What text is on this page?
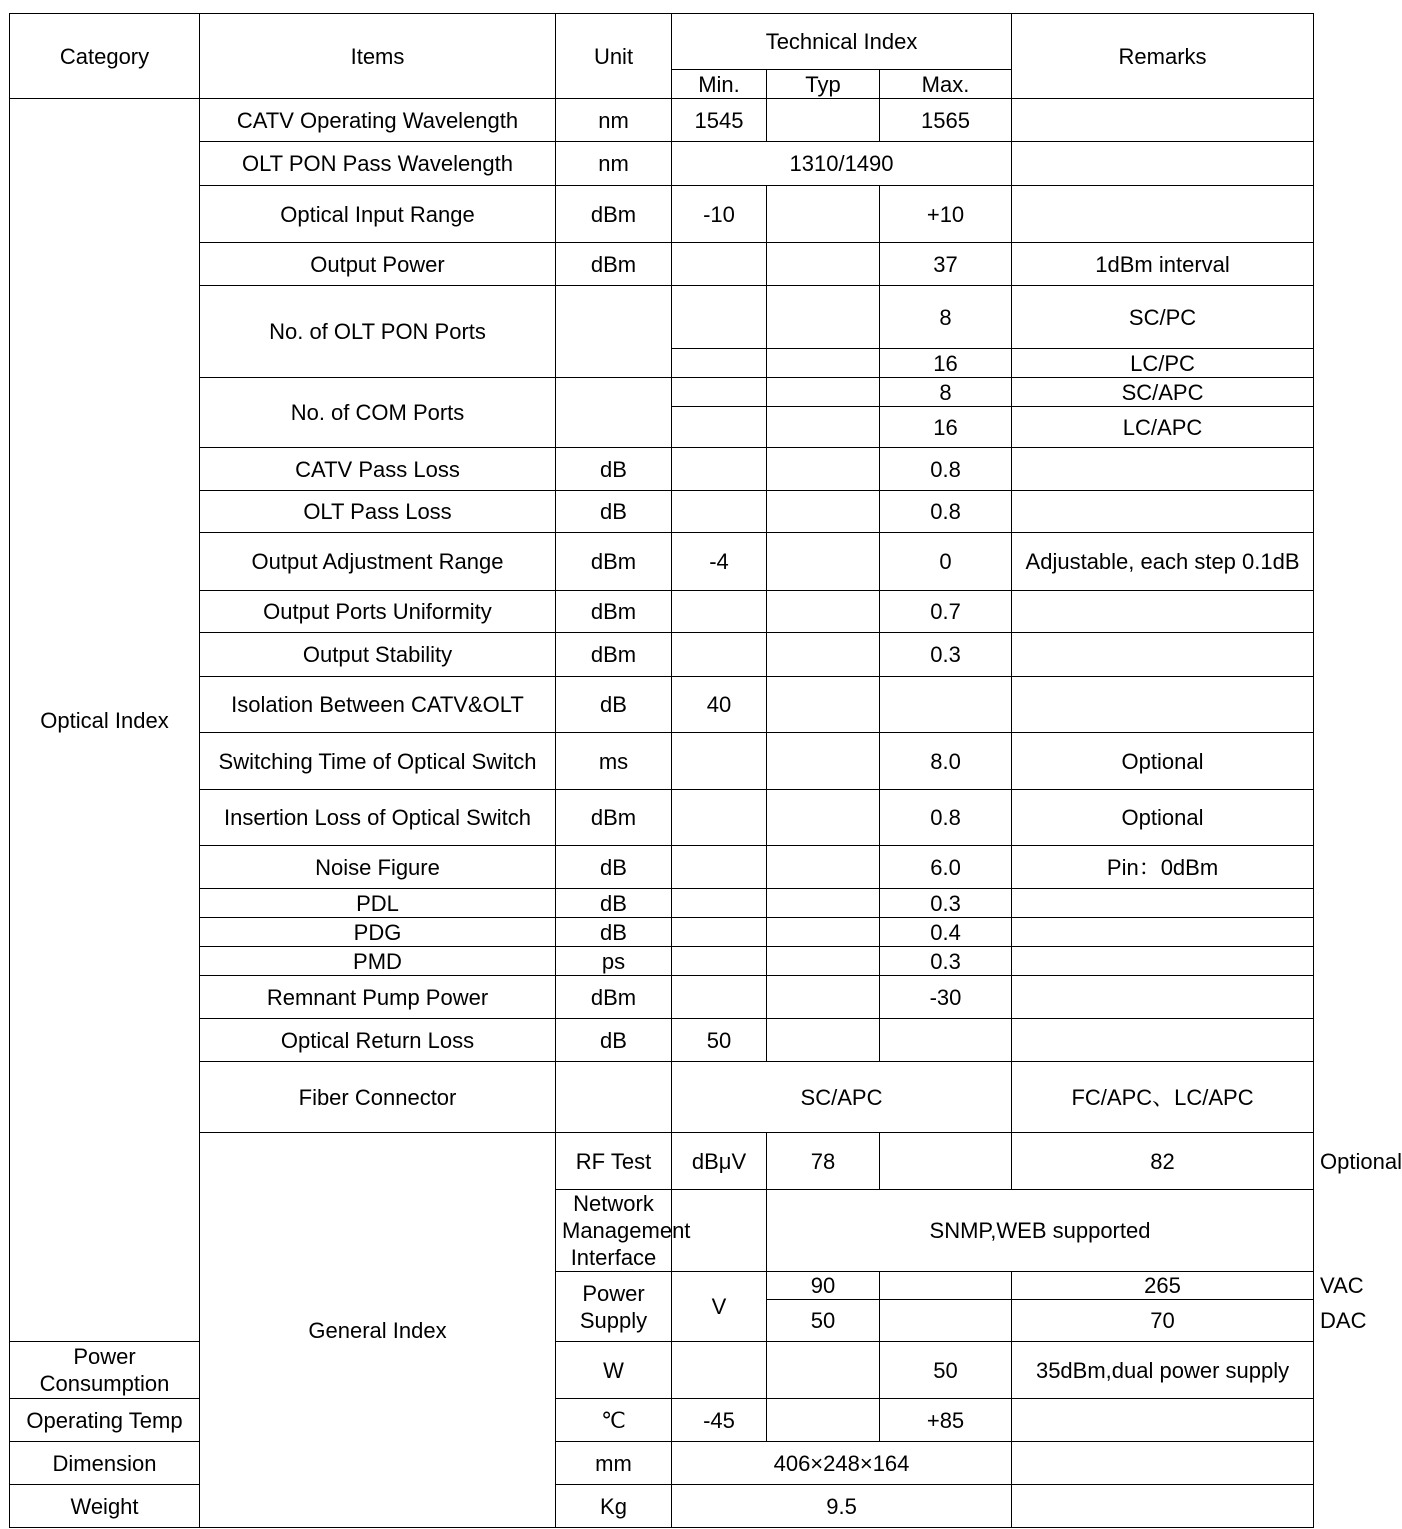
Category	Items	Unit	Technical Index			Remarks	
			Min.	Typ	Max.		
Optical Index	CATV Operating Wavelength	nm	1545		1565		
	OLT PON Pass Wavelength	nm	1310/1490				
	Optical Input Range	dBm	-10		+10		
	Output Power	dBm			37	1dBm interval	
	No. of OLT PON Ports				8	SC/PC	
					16	LC/PC	
	No. of COM Ports				8	SC/APC	
					16	LC/APC	
	CATV Pass Loss	dB			0.8		
	OLT Pass Loss	dB			0.8		
	Output Adjustment Range	dBm	-4		0	Adjustable, each step 0.1dB	
	Output Ports Uniformity	dBm			0.7		
	Output Stability	dBm			0.3		
	Isolation Between CATV&OLT	dB	40				
	Switching Time of Optical Switch	ms			8.0	Optional	
	Insertion Loss of Optical Switch	dBm			0.8	Optional	
	Noise Figure	dB			6.0	Pin：0dBm	
	PDL	dB			0.3		
	PDG	dB			0.4		
	PMD	ps			0.3		
	Remnant Pump Power	dBm			-30		
	Optical Return Loss	dB	50				
	Fiber Connector		SC/APC			FC/APC、LC/APC	
	General Index	RF Test	dBμV	78		82	Optional
		Network Management Interface		SNMP,WEB supported			
		Power Supply	V	90		265	VAC
				50		70	DAC
Power Consumption		W			50	35dBm,dual power supply	
Operating Temp		℃	-45		+85		
Dimension		mm	406×248×164				
Weight		Kg	9.5				
